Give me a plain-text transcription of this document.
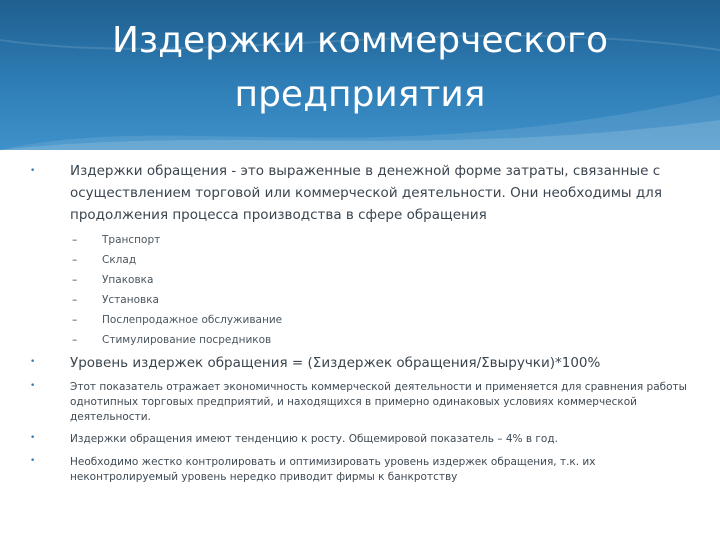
Издержки коммерческого
предприятия
•	Издержки обращения - это выраженные в денежной форме затраты, связанные с осуществлением торговой или коммерческой деятельности. Они необходимы для продолжения процесса производства в сфере обращения
– Транспорт
– Склад
– Упаковка
– Установка
– Послепродажное обслуживание
– Стимулирование посредников
•	Уровень издержек обращения = (Σиздержек обращения/Σвыручки)*100%
•	Этот показатель отражает экономичность коммерческой деятельности и применяется для сравнения работы однотипных торговых предприятий, и находящихся в примерно одинаковых условиях коммерческой деятельности.
•	Издержки обращения имеют тенденцию к росту. Общемировой показатель – 4% в год.
•	Необходимо жестко контролировать и оптимизировать уровень издержек обращения, т.к. их неконтролируемый уровень нередко приводит фирмы к банкротству
